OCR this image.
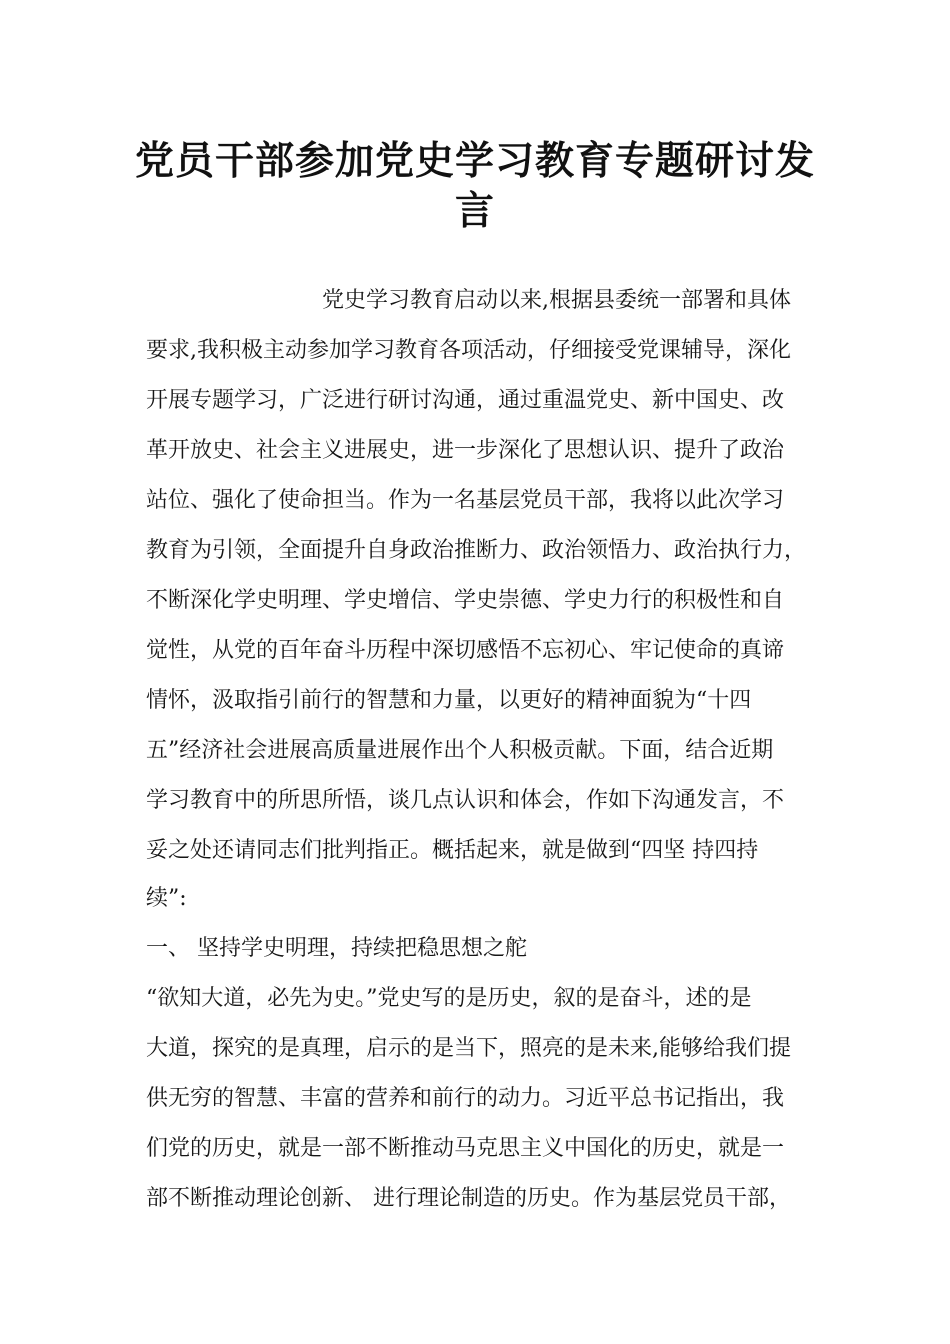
党员干部参加党史学习教育专题研讨发
言

党史学习教育启动以来,根据县委统一部署和具体

要求,我积极主动参加学习教育各项活动，仔细接受党课辅导，深化

开展专题学习，广泛进行研讨沟通，通过重温党史、新中国史、改

革开放史、社会主义进展史，进一步深化了思想认识、提升了政治

站位、强化了使命担当。作为一名基层党员干部，我将以此次学习

教育为引领，全面提升自身政治推断力、政治领悟力、政治执行力，

不断深化学史明理、学史增信、学史崇德、学史力行的积极性和自

觉性，从党的百年奋斗历程中深切感悟不忘初心、牢记使命的真谛

情怀，汲取指引前行的智慧和力量，以更好的精神面貌为“十四

五”经济社会进展高质量进展作出个人积极贡献。下面，结合近期

学习教育中的所思所悟，谈几点认识和体会，作如下沟通发言，不

妥之处还请同志们批判指正。概括起来，就是做到“四坚 持四持

续”:

一、 坚持学史明理，持续把稳思想之舵

“欲知大道，必先为史。”党史写的是历史，叙的是奋斗，述的是

大道，探究的是真理，启示的是当下，照亮的是未来,能够给我们提

供无穷的智慧、丰富的营养和前行的动力。习近平总书记指出，我

们党的历史，就是一部不断推动马克思主义中国化的历史，就是一

部不断推动理论创新、 进行理论制造的历史。作为基层党员干部，
